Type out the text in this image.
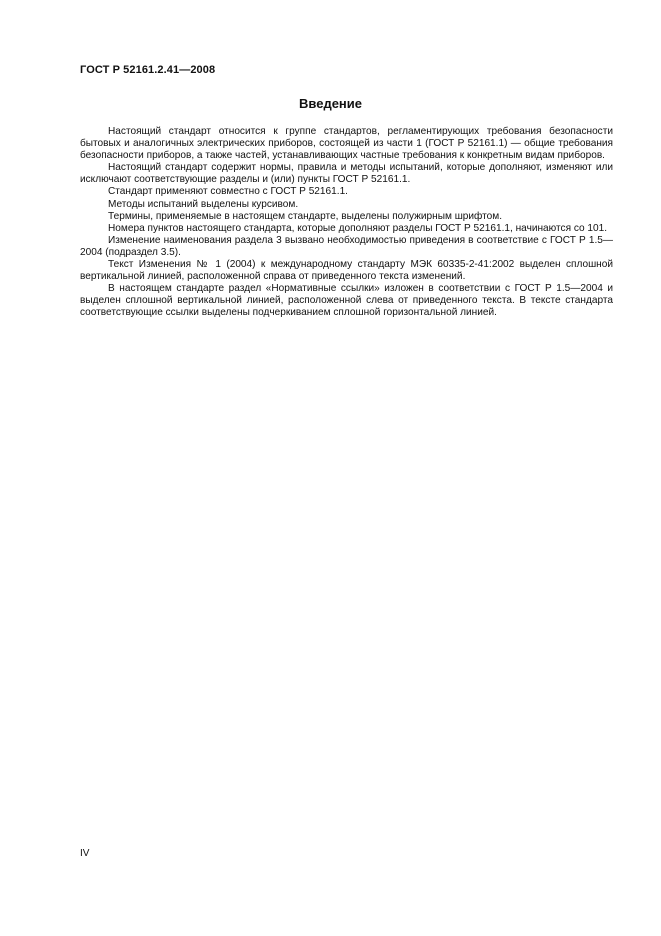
ГОСТ Р 52161.2.41—2008
Введение

Настоящий стандарт относится к группе стандартов, регламентирующих требования безопасности бытовых и аналогичных электрических приборов, состоящей из части 1 (ГОСТ Р 52161.1) — общие требования безопасности приборов, а также частей, устанавливающих частные требования к конкретным видам приборов.

Настоящий стандарт содержит нормы, правила и методы испытаний, которые дополняют, изменяют или исключают соответствующие разделы и (или) пункты ГОСТ Р 52161.1.

Стандарт применяют совместно с ГОСТ Р 52161.1.

Методы испытаний выделены курсивом.

Термины, применяемые в настоящем стандарте, выделены полужирным шрифтом.

Номера пунктов настоящего стандарта, которые дополняют разделы ГОСТ Р 52161.1, начинаются со 101.

Изменение наименования раздела 3 вызвано необходимостью приведения в соответствие с ГОСТ Р 1.5—2004 (подраздел 3.5).

Текст Изменения № 1 (2004) к международному стандарту МЭК 60335-2-41:2002 выделен сплошной вертикальной линией, расположенной справа от приведенного текста изменений.

В настоящем стандарте раздел «Нормативные ссылки» изложен в соответствии с ГОСТ Р 1.5—2004 и выделен сплошной вертикальной линией, расположенной слева от приведенного текста. В тексте стандарта соответствующие ссылки выделены подчеркиванием сплошной горизонтальной линией.

IV
